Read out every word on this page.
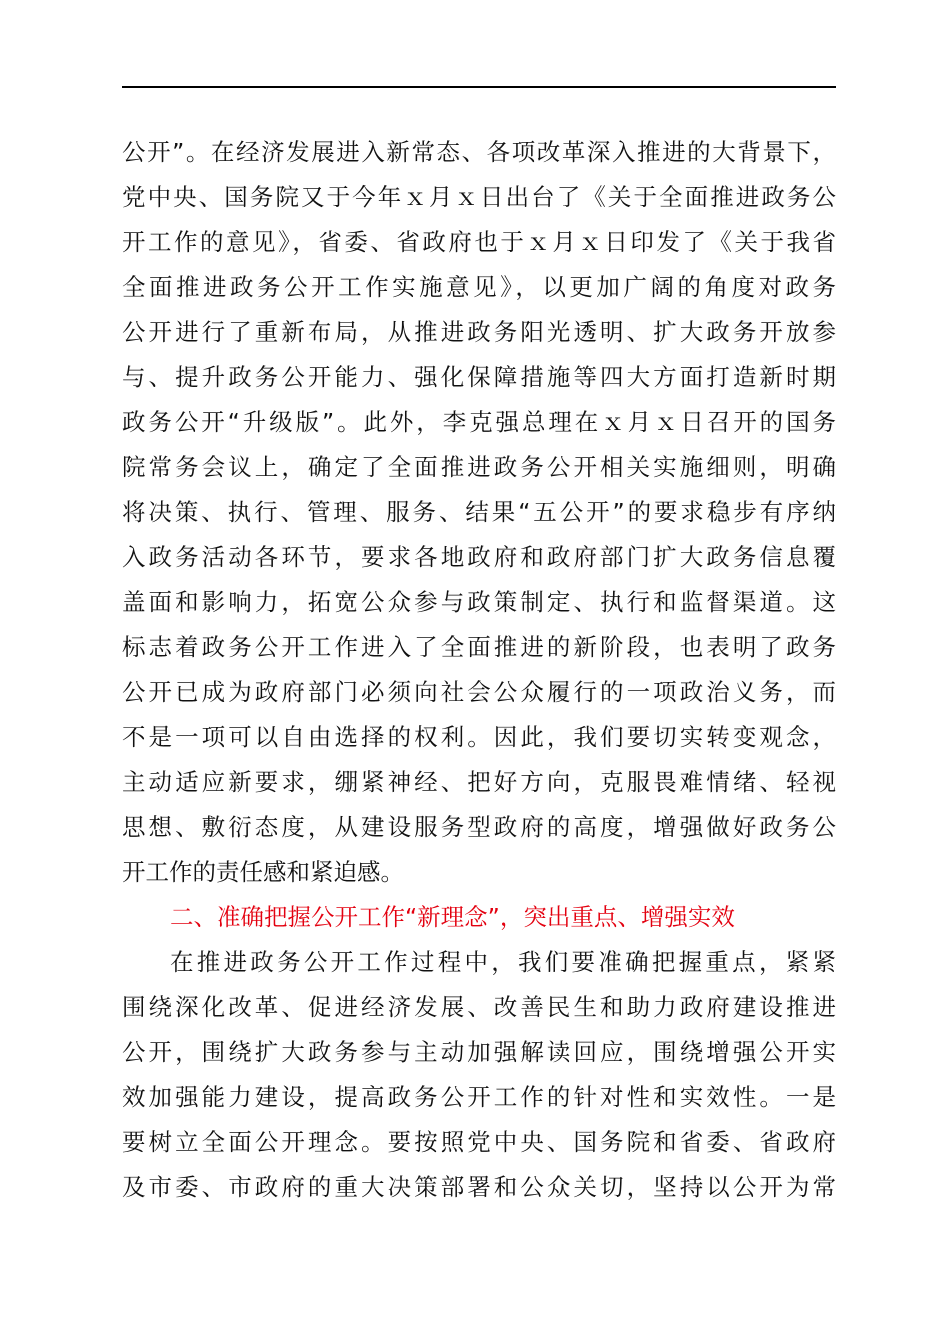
公开”。在经济发展进入新常态、各项改革深入推进的大背景下，
党中央、国务院又于今年ｘ月ｘ日出台了《关于全面推进政务公
开工作的意见》，省委、省政府也于ｘ月ｘ日印发了《关于我省
全面推进政务公开工作实施意见》，以更加广阔的角度对政务
公开进行了重新布局，从推进政务阳光透明、扩大政务开放参
与、提升政务公开能力、强化保障措施等四大方面打造新时期
政务公开“升级版”。此外，李克强总理在ｘ月ｘ日召开的国务
院常务会议上，确定了全面推进政务公开相关实施细则，明确
将决策、执行、管理、服务、结果“五公开”的要求稳步有序纳
入政务活动各环节，要求各地政府和政府部门扩大政务信息覆
盖面和影响力，拓宽公众参与政策制定、执行和监督渠道。这
标志着政务公开工作进入了全面推进的新阶段，也表明了政务
公开已成为政府部门必须向社会公众履行的一项政治义务，而
不是一项可以自由选择的权利。因此，我们要切实转变观念，
主动适应新要求，绷紧神经、把好方向，克服畏难情绪、轻视
思想、敷衍态度，从建设服务型政府的高度，增强做好政务公
开工作的责任感和紧迫感。
二、准确把握公开工作“新理念”，突出重点、增强实效
在推进政务公开工作过程中，我们要准确把握重点，紧紧
围绕深化改革、促进经济发展、改善民生和助力政府建设推进
公开，围绕扩大政务参与主动加强解读回应，围绕增强公开实
效加强能力建设，提高政务公开工作的针对性和实效性。一是
要树立全面公开理念。要按照党中央、国务院和省委、省政府
及市委、市政府的重大决策部署和公众关切，坚持以公开为常
